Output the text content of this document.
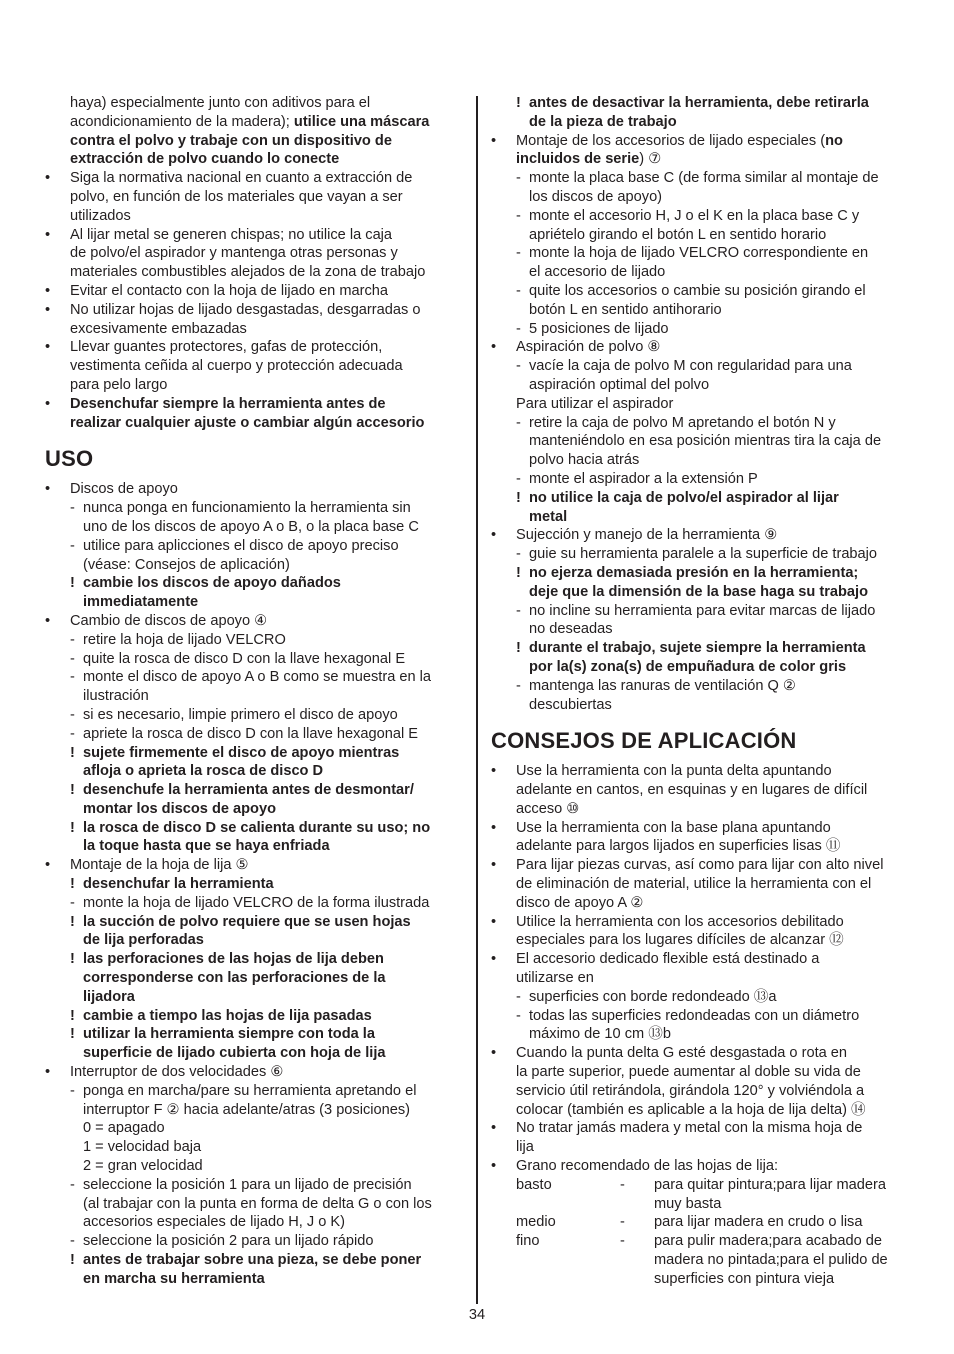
haya) especialmente junto con aditivos para el
acondicionamiento de la madera); utilice una máscara
contra el polvo y trabaje con un dispositivo de
extracción de polvo cuando lo conecte
• Siga la normativa nacional en cuanto a extracción de
polvo, en función de los materiales que vayan a ser
utilizados
• Al lijar metal se generen chispas; no utilice la caja
de polvo/el aspirador y mantenga otras personas y
materiales combustibles alejados de la zona de trabajo
• Evitar el contacto con la hoja de lijado en marcha
• No utilizar hojas de lijado desgastadas, desgarradas o
excesivamente embazadas
• Llevar guantes protectores, gafas de protección,
vestimenta ceñida al cuerpo y protección adecuada
para pelo largo
• Desenchufar siempre la herramienta antes de
realizar cualquier ajuste o cambiar algún accesorio
USO
• Discos de apoyo
- nunca ponga en funcionamiento la herramienta sin
uno de los discos de apoyo A o B, o la placa base C
- utilice para aplicciones el disco de apoyo preciso
(véase: Consejos de aplicación)
! cambie los discos de apoyo dañados
immediatamente
• Cambio de discos de apoyo ④
- retire la hoja de lijado VELCRO
- quite la rosca de disco D con la llave hexagonal E
- monte el disco de apoyo A o B como se muestra en la
ilustración
- si es necesario, limpie primero el disco de apoyo
- apriete la rosca de disco D con la llave hexagonal E
! sujete firmemente el disco de apoyo mientras
afloja o aprieta la rosca de disco D
! desenchufe la herramienta antes de desmontar/
montar los discos de apoyo
! la rosca de disco D se calienta durante su uso; no
la toque hasta que se haya enfriada
• Montaje de la hoja de lija ⑤
! desenchufar la herramienta
- monte la hoja de lijado VELCRO de la forma ilustrada
! la succión de polvo requiere que se usen hojas
de lija perforadas
! las perforaciones de las hojas de lija deben
corresponderse con las perforaciones de la
lijadora
! cambie a tiempo las hojas de lija pasadas
! utilizar la herramienta siempre con toda la
superficie de lijado cubierta con hoja de lija
• Interruptor de dos velocidades ⑥
- ponga en marcha/pare su herramienta apretando el
interruptor F ② hacia adelante/atras (3 posiciones)
0 = apagado
1 = velocidad baja
2 = gran velocidad
- seleccione la posición 1 para un lijado de precisión
(al trabajar con la punta en forma de delta G o con los
accesorios especiales de lijado H, J o K)
- seleccione la posición 2 para un lijado rápido
! antes de trabajar sobre una pieza, se debe poner
en marcha su herramienta
! antes de desactivar la herramienta, debe retirarla
de la pieza de trabajo
• Montaje de los accesorios de lijado especiales (no
incluidos de serie) ⑦
- monte la placa base C (de forma similar al montaje de
los discos de apoyo)
- monte el accesorio H, J o el K en la placa base C y
apriételo girando el botón L en sentido horario
- monte la hoja de lijado VELCRO correspondiente en
el accesorio de lijado
- quite los accesorios o cambie su posición girando el
botón L en sentido antihorario
- 5 posiciones de lijado
• Aspiración de polvo ⑧
- vacíe la caja de polvo M con regularidad para una
aspiración optimal del polvo
Para utilizar el aspirador
- retire la caja de polvo M apretando el botón N y
manteniéndolo en esa posición mientras tira la caja de
polvo hacia atrás
- monte el aspirador a la extensión P
! no utilice la caja de polvo/el aspirador al lijar
metal
• Sujección y manejo de la herramienta ⑨
- guie su herramienta paralele a la superficie de trabajo
! no ejerza demasiada presión en la herramienta;
deje que la dimensión de la base haga su trabajo
- no incline su herramienta para evitar marcas de lijado
no deseadas
! durante el trabajo, sujete siempre la herramienta
por la(s) zona(s) de empuñadura de color gris
- mantenga las ranuras de ventilación Q ②
descubiertas
CONSEJOS DE APLICACIÓN
• Use la herramienta con la punta delta apuntando
adelante en cantos, en esquinas y en lugares de difícil
acceso ⑩
• Use la herramienta con la base plana apuntando
adelante para largos lijados en superficies lisas ⑪
• Para lijar piezas curvas, así como para lijar con alto nivel
de eliminación de material, utilice la herramienta con el
disco de apoyo A ②
• Utilice la herramienta con los accesorios debilitado
especiales para los lugares difíciles de alcanzar ⑫
• El accesorio dedicado flexible está destinado a
utilizarse en
- superficies con borde redondeado ⑬a
- todas las superficies redondeadas con un diámetro
máximo de 10 cm ⑬b
• Cuando la punta delta G esté desgastada o rota en
la parte superior, puede aumentar al doble su vida de
servicio útil retirándola, girándola 120° y volviéndola a
colocar (también es aplicable a la hoja de lija delta) ⑭
• No tratar jamás madera y metal con la misma hoja de
lija
• Grano recomendado de las hojas de lija:
basto	-	para quitar pintura;para lijar madera
muy basta
medio	-	para lijar madera en crudo o lisa
fino	-	para pulir madera;para acabado de
madera no pintada;para el pulido de
superficies con pintura vieja
34
